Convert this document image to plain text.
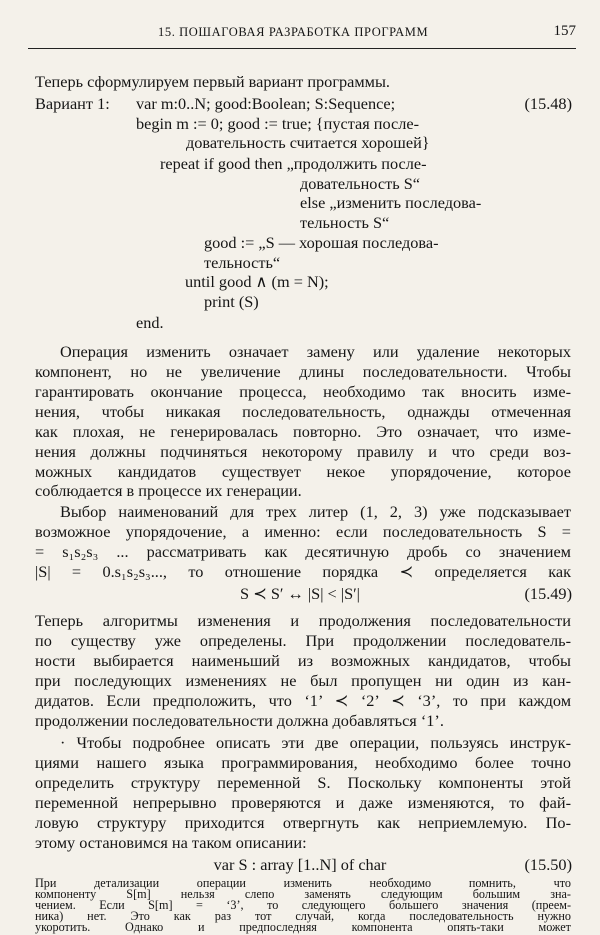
15. ПОШАГОВАЯ РАЗРАБОТКА ПРОГРАММ	157
Теперь сформулируем первый вариант программы.
Вариант 1: var m:0..N; good:Boolean; S:Sequence;	(15.48)
begin m := 0; good := true; {пустая после-
довательность считается хорошей}
repeat if good then „продолжить после-
довательность S“
else „изменить последова-
тельность S“
good := „S — хорошая последова-
тельность“
until good ∧ (m = N);
print (S)
end.
Операция изменить означает замену или удаление некоторых
компонент, но не увеличение длины последовательности. Чтобы
гарантировать окончание процесса, необходимо так вносить изме-
нения, чтобы никакая последовательность, однажды отмеченная
как плохая, не генерировалась повторно. Это означает, что изме-
нения должны подчиняться некоторому правилу и что среди воз-
можных кандидатов существует некое упорядочение, которое
соблюдается в процессе их генерации.
Выбор наименований для трех литер (1, 2, 3) уже подсказывает
возможное упорядочение, а именно: если последовательность S =
= s₁s₂s₃ ... рассматривать как десятичную дробь со значением
|S| = 0.s₁s₂s₃..., то отношение порядка ≺ определяется как
S ≺ S′ ↔ |S| < |S′|	(15.49)
Теперь алгоритмы изменения и продолжения последовательности
по существу уже определены. При продолжении последователь-
ности выбирается наименьший из возможных кандидатов, чтобы
при последующих изменениях не был пропущен ни один из кан-
дидатов. Если предположить, что ‘1’ ≺ ‘2’ ≺ ‘3’, то при каждом
продолжении последовательности должна добавляться ‘1’.
· Чтобы подробнее описать эти две операции, пользуясь инструк-
циями нашего языка программирования, необходимо более точно
определить структуру переменной S. Поскольку компоненты этой
переменной непрерывно проверяются и даже изменяются, то фай-
ловую структуру приходится отвергнуть как неприемлемую. По-
этому остановимся на таком описании:
var S : array [1..N] of char	(15.50)
При детализации операции изменить необходимо помнить, что
компоненту S[m] нельзя слепо заменять следующим большим зна-
чением. Если S[m] = ‘3’, то следующего большего значения (преем-
ника) нет. Это как раз тот случай, когда последовательность нужно
укоротить. Однако и предпоследняя компонента опять-таки может
